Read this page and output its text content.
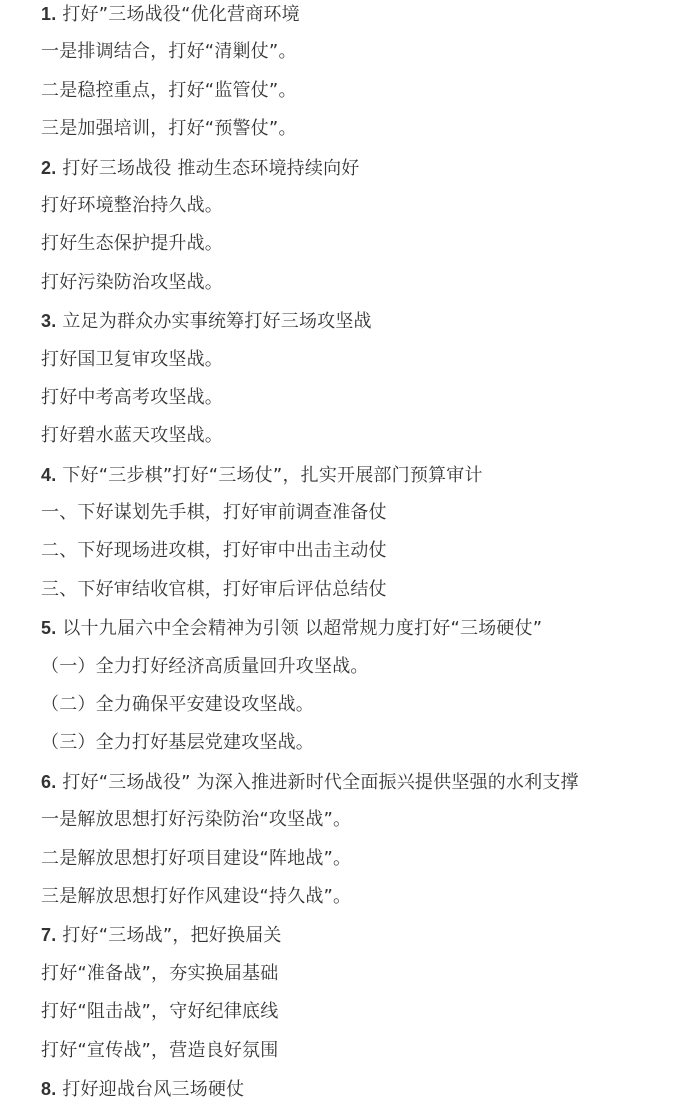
1. 打好”三场战役“优化营商环境
一是排调结合，打好“清剿仗”。
二是稳控重点，打好“监管仗”。
三是加强培训，打好“预警仗”。
2. 打好三场战役 推动生态环境持续向好
打好环境整治持久战。
打好生态保护提升战。
打好污染防治攻坚战。
3. 立足为群众办实事统筹打好三场攻坚战
打好国卫复审攻坚战。
打好中考高考攻坚战。
打好碧水蓝天攻坚战。
4. 下好“三步棋”打好“三场仗”，扎实开展部门预算审计
一、下好谋划先手棋，打好审前调查准备仗
二、下好现场进攻棋，打好审中出击主动仗
三、下好审结收官棋，打好审后评估总结仗
5. 以十九届六中全会精神为引领 以超常规力度打好“三场硬仗”
（一）全力打好经济高质量回升攻坚战。
（二）全力确保平安建设攻坚战。
（三）全力打好基层党建攻坚战。
6. 打好“三场战役” 为深入推进新时代全面振兴提供坚强的水利支撑
一是解放思想打好污染防治“攻坚战”。
二是解放思想打好项目建设“阵地战”。
三是解放思想打好作风建设“持久战”。
7. 打好“三场战”，把好换届关
打好“准备战”，夯实换届基础
打好“阻击战”，守好纪律底线
打好“宣传战”，营造良好氛围
8. 打好迎战台风三场硬仗
